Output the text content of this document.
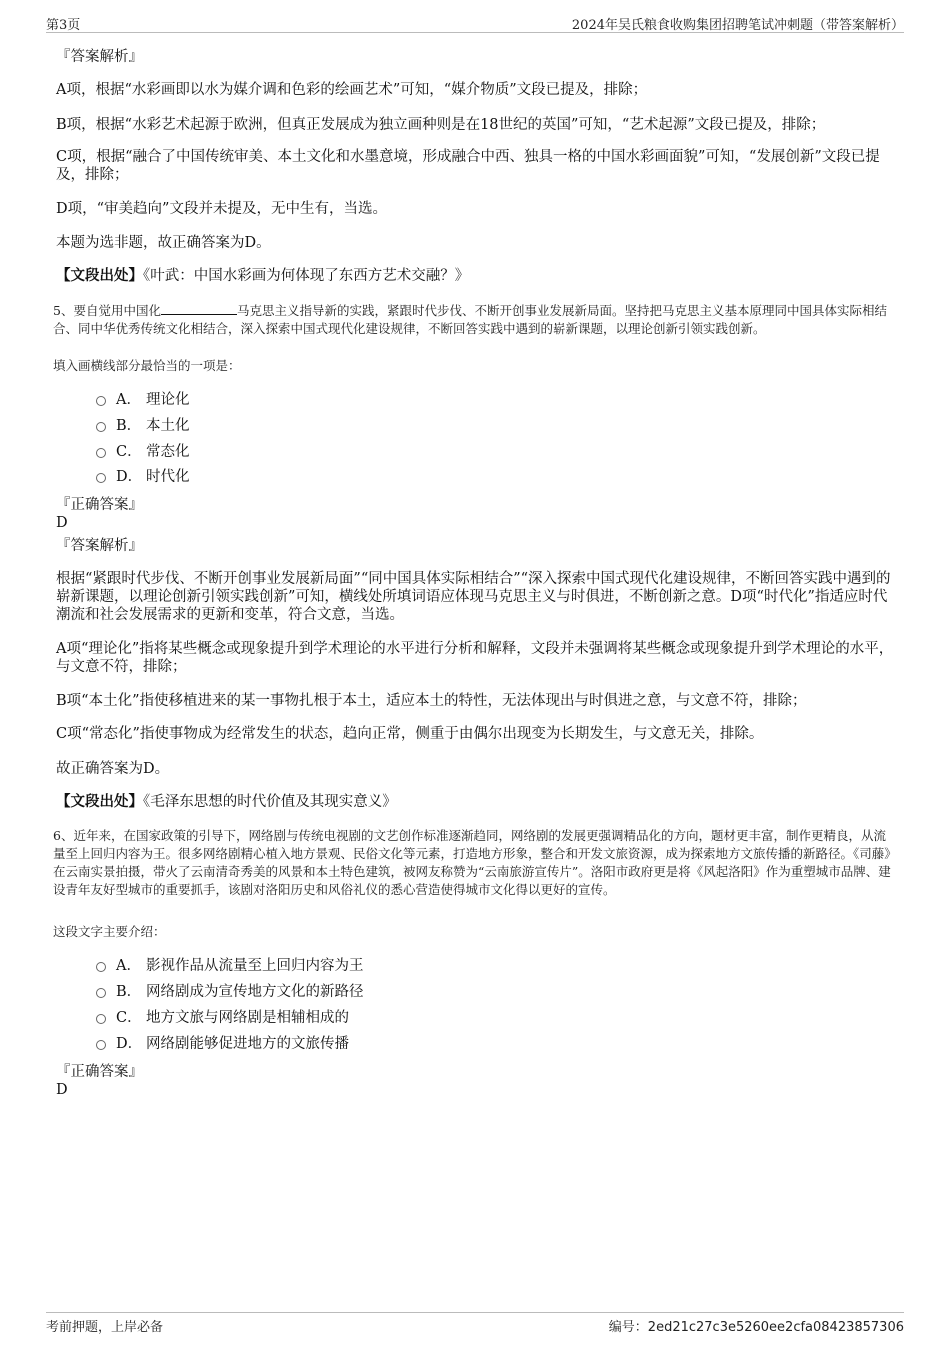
第3页	2024年吴氏粮食收购集团招聘笔试冲刺题（带答案解析）
『答案解析』
A项，根据“水彩画即以水为媒介调和色彩的绘画艺术”可知，“媒介物质”文段已提及，排除；
B项，根据“水彩艺术起源于欧洲，但真正发展成为独立画种则是在18世纪的英国”可知，“艺术起源”文段已提及，排除；
C项，根据“融合了中国传统审美、本土文化和水墨意境，形成融合中西、独具一格的中国水彩画面貌”可知，“发展创新”文段已提及，排除；
D项，“审美趋向”文段并未提及，无中生有，当选。
本题为选非题，故正确答案为D。
【文段出处】《叶武：中国水彩画为何体现了东西方艺术交融？》
5、要自觉用中国化	马克思主义指导新的实践，紧跟时代步伐、不断开创事业发展新局面。坚持把马克思主义基本原理同中国具体实际相结合、同中华优秀传统文化相结合，深入探索中国式现代化建设规律，不断回答实践中遇到的崭新课题，以理论创新引领实践创新。
填入画横线部分最恰当的一项是：
A． 理论化
B． 本土化
C． 常态化
D． 时代化
『正确答案』
D
『答案解析』
根据“紧跟时代步伐、不断开创事业发展新局面”“同中国具体实际相结合”“深入探索中国式现代化建设规律，不断回答实践中遇到的崭新课题，以理论创新引领实践创新”可知，横线处所填词语应体现马克思主义与时俱进，不断创新之意。D项“时代化”指适应时代潮流和社会发展需求的更新和变革，符合文意，当选。
A项“理论化”指将某些概念或现象提升到学术理论的水平进行分析和解释，文段并未强调将某些概念或现象提升到学术理论的水平，与文意不符，排除；
B项“本土化”指使移植进来的某一事物扎根于本土，适应本土的特性，无法体现出与时俱进之意，与文意不符，排除；
C项“常态化”指使事物成为经常发生的状态，趋向正常，侧重于由偶尔出现变为长期发生，与文意无关，排除。
故正确答案为D。
【文段出处】《毛泽东思想的时代价值及其现实意义》
6、近年来，在国家政策的引导下，网络剧与传统电视剧的文艺创作标准逐渐趋同，网络剧的发展更强调精品化的方向，题材更丰富，制作更精良，从流量至上回归内容为王。很多网络剧精心植入地方景观、民俗文化等元素，打造地方形象，整合和开发文旅资源，成为探索地方文旅传播的新路径。《司藤》在云南实景拍摄，带火了云南清奇秀美的风景和本土特色建筑，被网友称赞为“云南旅游宣传片”。洛阳市政府更是将《风起洛阳》作为重塑城市品牌、建设青年友好型城市的重要抓手，该剧对洛阳历史和风俗礼仪的悉心营造使得城市文化得以更好的宣传。
这段文字主要介绍：
A． 影视作品从流量至上回归内容为王
B． 网络剧成为宣传地方文化的新路径
C． 地方文旅与网络剧是相辅相成的
D． 网络剧能够促进地方的文旅传播
『正确答案』
D
考前押题，上岸必备	编号：2ed21c27c3e5260ee2cfa08423857306
